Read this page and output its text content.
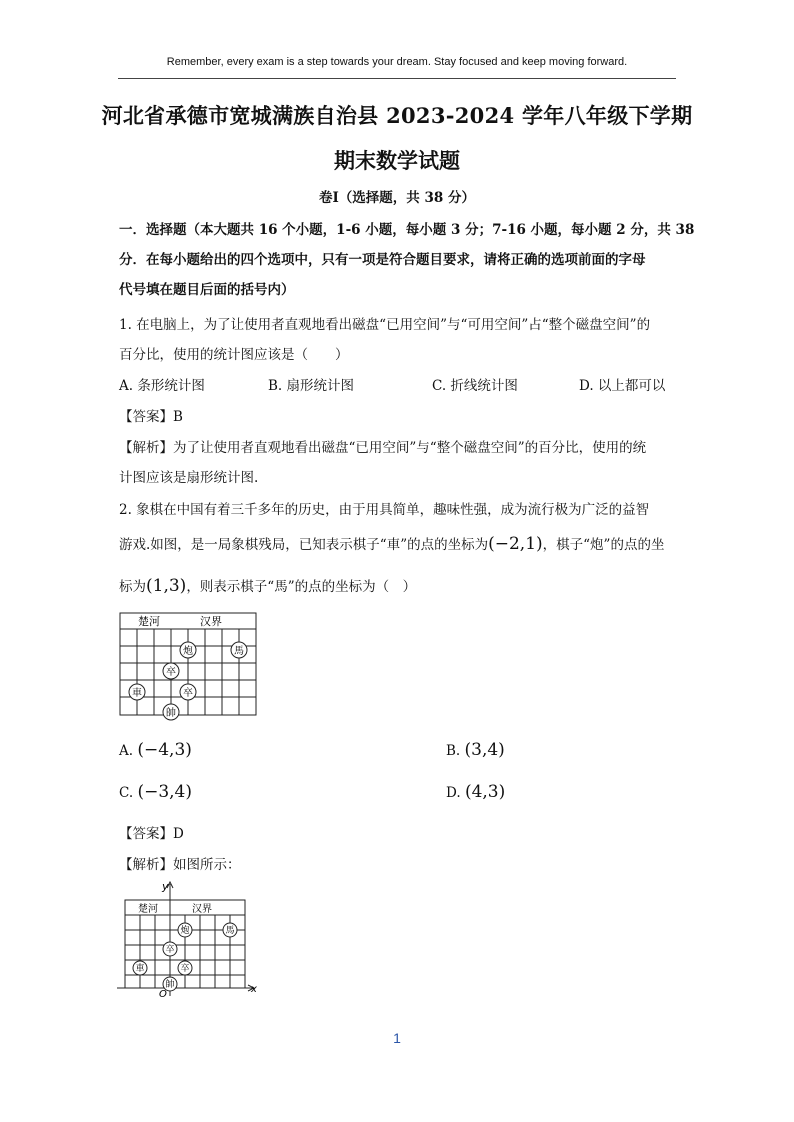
Remember, every exam is a step towards your dream. Stay focused and keep moving forward.
河北省承德市宽城满族自治县 2023-2024 学年八年级下学期
期末数学试题
卷Ⅰ（选择题，共 38 分）
一．选择题（本大题共 16 个小题，1-6 小题，每小题 3 分；7-16 小题，每小题 2 分，共 38
分．在每小题给出的四个选项中，只有一项是符合题目要求，请将正确的选项前面的字母
代号填在题目后面的括号内）
1. 在电脑上，为了让使用者直观地看出磁盘“已用空间”与“可用空间”占“整个磁盘空间”的
百分比，使用的统计图应该是（　　）
A. 条形统计图	B. 扇形统计图	C. 折线统计图	D. 以上都可以
【答案】B
【解析】为了让使用者直观地看出磁盘“已用空间”与“整个磁盘空间”的百分比，使用的统
计图应该是扇形统计图.
2. 象棋在中国有着三千多年的历史，由于用具简单，趣味性强，成为流行极为广泛的益智
游戏.如图，是一局象棋残局，已知表示棋子“車”的点的坐标为(−2,1)，棋子“炮”的点的坐
标为(1,3)，则表示棋子“馬”的点的坐标为（　）
楚河	汉界
車
炮
卒
卒
帥
馬
A. (−4,3)	B. (3,4)
C. (−3,4)	D. (4,3)
【答案】D
【解析】如图所示：
y
x
O
楚河	汉界
車
炮
卒
卒
帥
馬
1
